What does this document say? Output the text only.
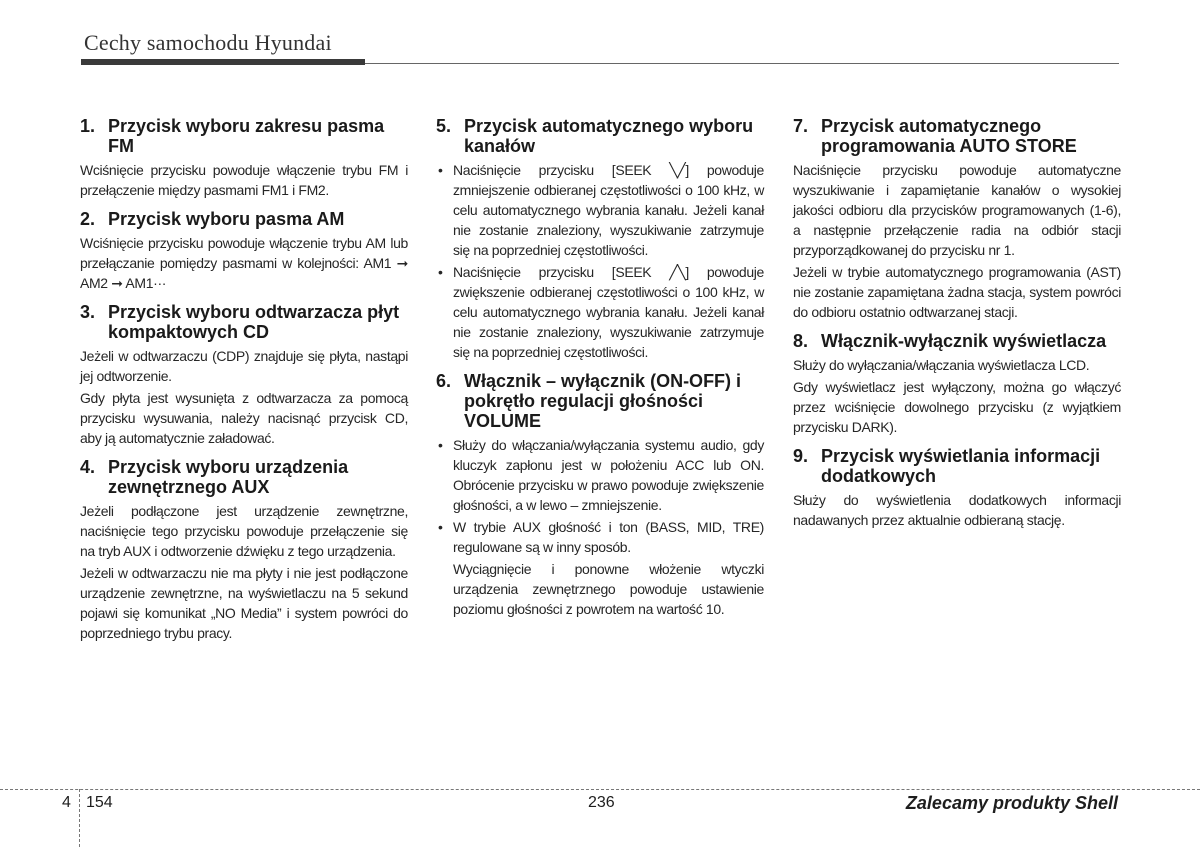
Cechy samochodu Hyundai
1. Przycisk wyboru zakresu pasma FM

Wciśnięcie przycisku powoduje włączenie trybu FM i przełączenie między pasmami FM1 i FM2.

2. Przycisk wyboru pasma AM

Wciśnięcie przycisku powoduje włączenie trybu AM lub przełączanie pomiędzy pasmami w kolejności: AM1 ➞ AM2 ➞ AM1···

3. Przycisk wyboru odtwarzacza płyt kompaktowych CD

Jeżeli w odtwarzaczu (CDP) znajduje się płyta, nastąpi jej odtworzenie.

Gdy płyta jest wysunięta z odtwarzacza za pomocą przycisku wysuwania, należy nacisnąć przycisk CD, aby ją automatycznie załadować.

4. Przycisk wyboru urządzenia zewnętrznego AUX

Jeżeli podłączone jest urządzenie zewnętrzne, naciśnięcie tego przycisku powoduje przełączenie się na tryb AUX i odtworzenie dźwięku z tego urządzenia.

Jeżeli w odtwarzaczu nie ma płyty i nie jest podłączone urządzenie zewnętrzne, na wyświetlaczu na 5 sekund pojawi się komunikat „NO Media” i system powróci do poprzedniego trybu pracy.

5. Przycisk automatycznego wyboru kanałów
• Naciśnięcie przycisku [SEEK ╲╱] powoduje zmniejszenie odbieranej częstotliwości o 100 kHz, w celu automatycznego wybrania kanału. Jeżeli kanał nie zostanie znaleziony, wyszukiwanie zatrzymuje się na poprzedniej częstotliwości.
• Naciśnięcie przycisku [SEEK ╱╲] powoduje zwiększenie odbieranej częstotliwości o 100 kHz, w celu automatycznego wybrania kanału. Jeżeli kanał nie zostanie znaleziony, wyszukiwanie zatrzymuje się na poprzedniej częstotliwości.
6. Włącznik – wyłącznik (ON-OFF) i pokrętło regulacji głośności VOLUME
• Służy do włączania/wyłączania systemu audio, gdy kluczyk zapłonu jest w położeniu ACC lub ON. Obrócenie przycisku w prawo powoduje zwiększenie głośności, a w lewo – zmniejszenie.
• W trybie AUX głośność i ton (BASS, MID, TRE) regulowane są w inny sposób.

Wyciągnięcie i ponowne włożenie wtyczki urządzenia zewnętrznego powoduje ustawienie poziomu głośności z powrotem na wartość 10.

7. Przycisk automatycznego programowania AUTO STORE

Naciśnięcie przycisku powoduje automatyczne wyszukiwanie i zapamiętanie kanałów o wysokiej jakości odbioru dla przycisków programowanych (1-6), a następnie przełączenie radia na odbiór stacji przyporządkowanej do przycisku nr 1.

Jeżeli w trybie automatycznego programowania (AST) nie zostanie zapamiętana żadna stacja, system powróci do odbioru ostatnio odtwarzanej stacji.

8. Włącznik-wyłącznik wyświetlacza

Służy do wyłączania/włączania wyświetlacza LCD.

Gdy wyświetlacz jest wyłączony, można go włączyć przez wciśnięcie dowolnego przycisku (z wyjątkiem przycisku DARK).

9. Przycisk wyświetlania informacji dodatkowych

Służy do wyświetlenia dodatkowych informacji nadawanych przez aktualnie odbieraną stację.

4 154	236	Zalecamy produkty Shell
